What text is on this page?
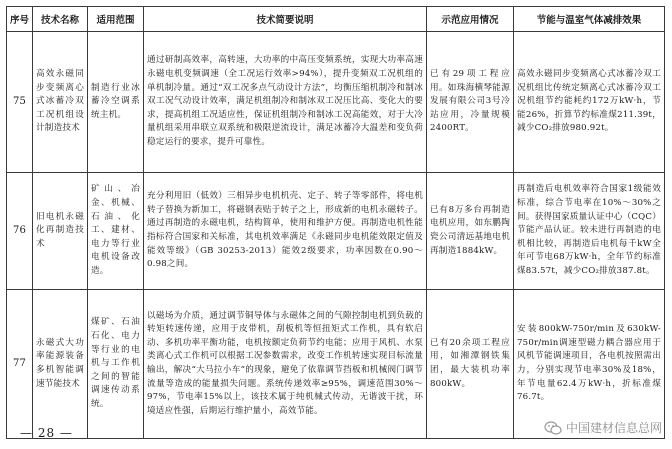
序号	技术名称	适用范围	技术简要说明	示范应用情况	节能与温室气体减排效果
75	高效永磁同步变频离心式冰蓄冷双工况机组设计制造技术	制造行业冰蓄冷空调系统主机。	通过研制高效率，高转速，大功率的中高压变频系统，实现大功率高速永磁电机变频调速（全工况运行效率>94%），提升变频双工况机组的单机制冷量。通过“双工况多点气动设计方法”，均衡压缩机制冷和制冰双工况气动设计效率，满足机组制冷和制冰双工况压比高、变化大的要求，提高机组工况适应性，保证机组制冷和制冰工况高能效，对于大冷量机组采用串联立双系统和极限逆流设计，满足冰蓄冷大温差和变负荷稳定运行的要求，提升可靠性。	已有29项工程应用。如珠海横琴能源发展有限公司3号冷站应用，冷量规模2400RT。	高效永磁同步变频离心式冰蓄冷双工况机组比传统定频离心式冰蓄冷双工况机组节约能耗约172万kW·h，节能26%，折算节约标准煤211.39t，减少CO₂排放980.92t。
76	旧电机永磁化再制造技术	矿山、冶金、机械、石油、化工、建材、电力等行业电机设备改造。	充分利用旧（低效）三相异步电机机壳、定子、转子等零部件，将电机转子替换为新加工，将磁钢表贴于转子之上，形成新的电机永磁转子。通过再制造的永磁电机，结构简单，使用和维护方便。再制造电机性能指标符合国家和关标准，其电机效率满足《永磁同步电机能效限定值及能效等级》（GB 30253-2013）能效2级要求，功率因数在0.90～0.98之间。	已有8万多台再制造电机应用，如东鹏陶瓷公司清远基地电机再制造1884kW。	再制造后电机效率符合国家1级能效标准，综合节电率在10%～30%之间。获得国家质量认证中心（CQC）节能产品认证。较未进行再制造的电机相比较，再制造后电机每千kW全年可节电68万kW·h，全年节约标准煤83.57t，减少CO₂排放387.8t。
77	永磁式大功率能源装备多机智能调速节能技术	煤矿、石油石化、电力等行业的电机与工作机之间的智能调速传动系统。	以磁场为介质，通过调节铜导体与永磁体之间的气隙控制电机到负载的转矩转速传递，应用于皮带机，刮板机等恒扭矩式工作机，具有软启动、多机功率平衡功能，电机按额定负荷节约电能；应用于风机、水泵类离心式工作机可以根据工况参数需求，改变工作机转速实现目标流量输出，解决“大马拉小车”的现象，避免了依靠调节挡板和机械阀门调节流量等造成的能量损失问题。系统传递效率≥95%，调速范围30%～97%，节电率15%以上，该技术属于纯机械式传动，无谐波干扰，环境适应性强，后期运行维护量小，高效节能。	已有20余项工程应用，如湘潭钢铁集团，最大装机功率800kW。	安装800kW-750r/min及630kW-750r/min调速型磁力耦合器应用于风机节能调速项目，各电机按照需出力，分别实现节电率30%及18%，年节电量62.4万kW·h，折标准煤76.7t。
— 28 —	中国建材信息总网
